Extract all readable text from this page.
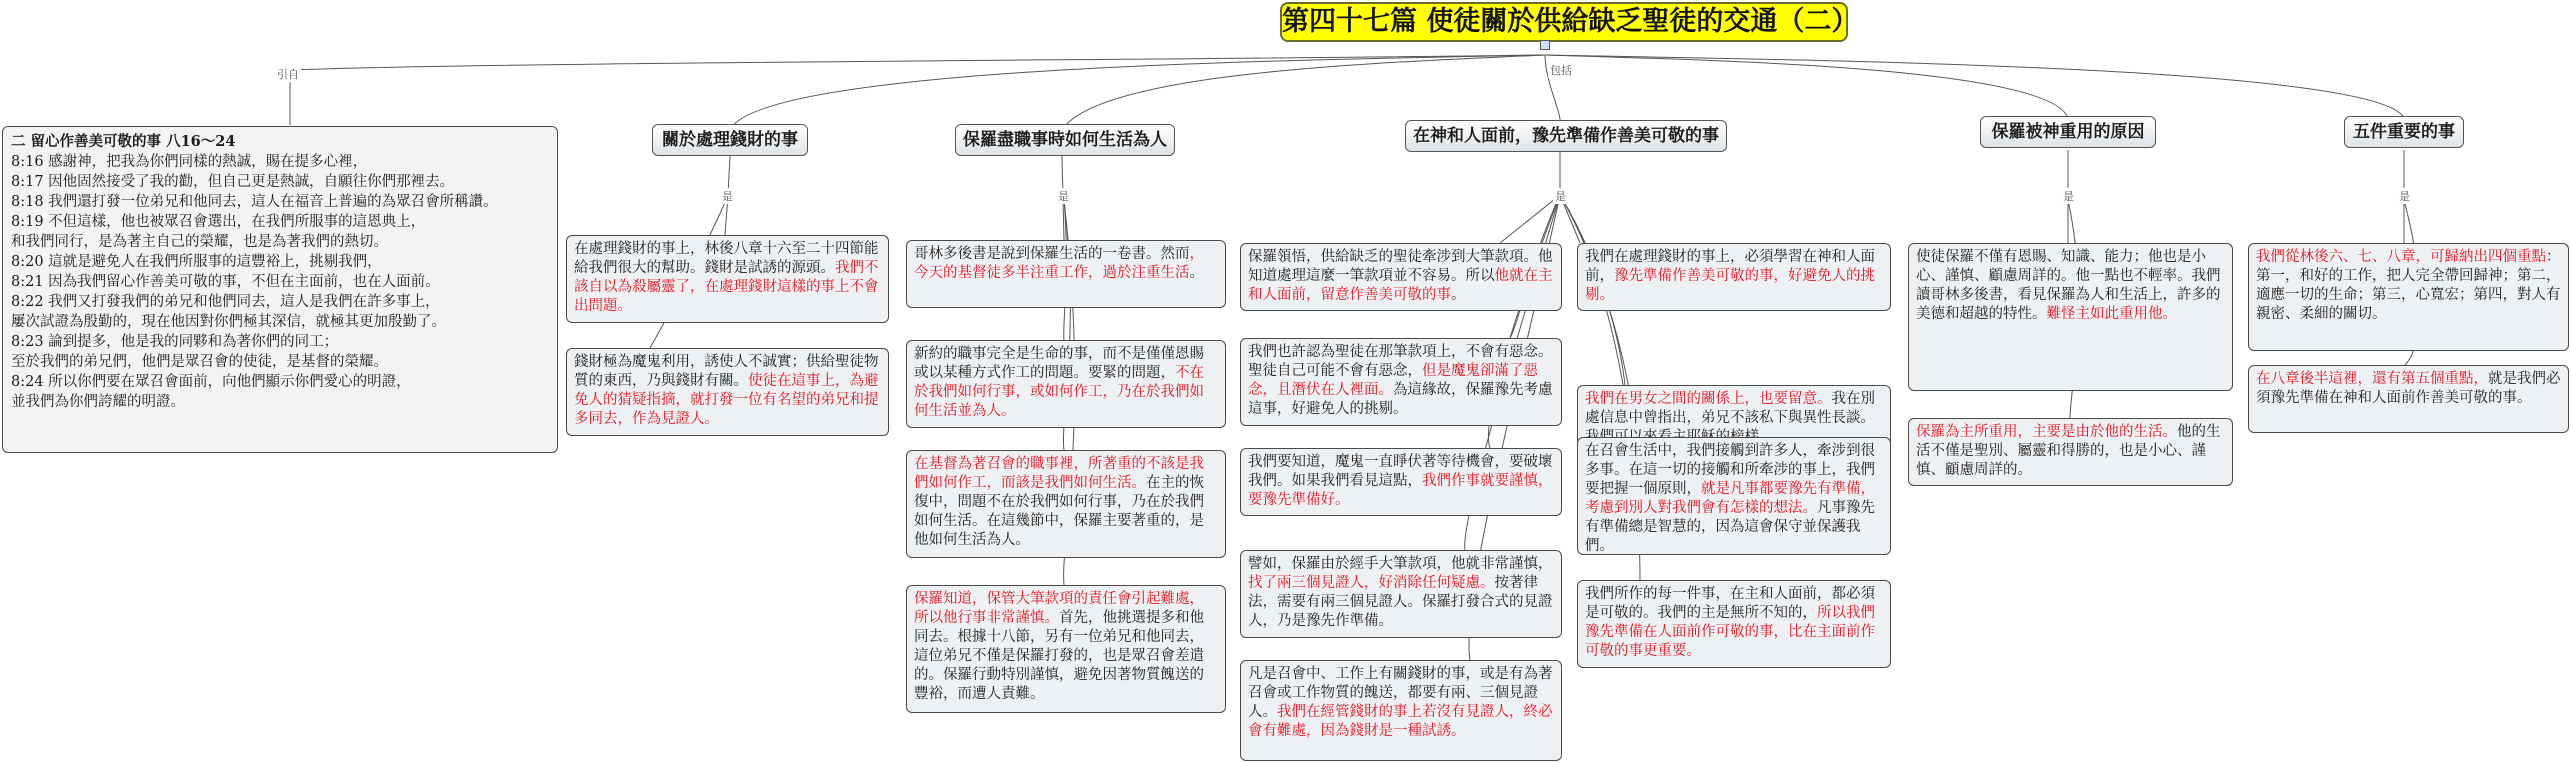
第四十七篇 使徒關於供給缺乏聖徒的交通（二）
引自	包括
二 留心作善美可敬的事 八16～24
8:16 感謝神，把我為你們同樣的熱誠，賜在提多心裡，
8:17 因他固然接受了我的勸，但自己更是熱誠，自願往你們那裡去。
8:18 我們還打發一位弟兄和他同去，這人在福音上普遍的為眾召會所稱讚。
8:19 不但這樣，他也被眾召會選出，在我們所服事的這恩典上，
和我們同行，是為著主自己的榮耀，也是為著我們的熱切。
8:20 這就是避免人在我們所服事的這豐裕上，挑剔我們，
8:21 因為我們留心作善美可敬的事，不但在主面前，也在人面前。
8:22 我們又打發我們的弟兄和他們同去，這人是我們在許多事上，
屢次試證為殷勤的，現在他因對你們極其深信，就極其更加殷勤了。
8:23 論到提多，他是我的同夥和為著你們的同工；
至於我們的弟兄們，他們是眾召會的使徒，是基督的榮耀。
8:24 所以你們要在眾召會面前，向他們顯示你們愛心的明證，
並我們為你們誇耀的明證。
關於處理錢財的事	保羅盡職事時如何生活為人	在神和人面前，豫先準備作善美可敬的事	保羅被神重用的原因	五件重要的事
是	是	是	是	是
在處理錢財的事上，林後八章十六至二十四節能給我們很大的幫助。錢財是試誘的源頭。我們不該自以為殺屬靈了，在處理錢財這樣的事上不會出問題。
錢財極為魔鬼利用，誘使人不誠實；供給聖徒物質的東西，乃與錢財有關。使徒在這事上，為避免人的猜疑指摘，就打發一位有名望的弟兄和提多同去，作為見證人。
哥林多後書是說到保羅生活的一卷書。然而，今天的基督徒多半注重工作，過於注重生活。
新約的職事完全是生命的事，而不是僅僅恩賜或以某種方式作工的問題。要緊的問題，不在於我們如何行事，或如何作工，乃在於我們如何生活並為人。
在基督為著召會的職事裡，所著重的不該是我們如何作工，而該是我們如何生活。在主的恢復中，問題不在於我們如何行事，乃在於我們如何生活。在這幾節中，保羅主要著重的，是他如何生活為人。
保羅知道，保管大筆款項的責任會引起難處，所以他行事非常謹慎。首先，他挑選提多和他同去。根據十八節，另有一位弟兄和他同去，這位弟兄不僅是保羅打發的，也是眾召會差遣的。保羅行動特別謹慎，避免因著物質餽送的豐裕，而遭人責難。
保羅領悟，供給缺乏的聖徒牽涉到大筆款項。他知道處理這麼一筆款項並不容易。所以他就在主和人面前，留意作善美可敬的事。
我們也許認為聖徒在那筆款項上，不會有惡念。聖徒自己可能不會有惡念，但是魔鬼卻滿了惡念，且潛伏在人裡面。為這緣故，保羅豫先考慮這事，好避免人的挑剔。
我們要知道，魔鬼一直睜伏著等待機會，要破壞我們。如果我們看見這點，我們作事就要謹慎，要豫先準備好。
譬如，保羅由於經手大筆款項，他就非常謹慎，找了兩三個見證人，好消除任何疑慮。按著律法，需要有兩三個見證人。保羅打發合式的見證人，乃是豫先作準備。
凡是召會中、工作上有關錢財的事，或是有為著召會或工作物質的餽送，都要有兩、三個見證人。我們在經管錢財的事上若沒有見證人，終必會有難處，因為錢財是一種試誘。
我們在處理錢財的事上，必須學習在神和人面前，豫先準備作善美可敬的事，好避免人的挑剔。
我們在男女之間的關係上，也要留意。我在別處信息中曾指出，弟兄不該私下與異性長談。
在召會生活中，我們接觸到許多人，牽涉到很多事。在這一切的接觸和所牽涉的事上，我們要把握一個原則，就是凡事都要豫先有準備，考慮到別人對我們會有怎樣的想法。凡事豫先有準備總是智慧的，因為這會保守並保護我們。
我們所作的每一件事，在主和人面前，都必須是可敬的。我們的主是無所不知的，所以我們豫先準備在人面前作可敬的事，比在主面前作可敬的事更重要。
使徒保羅不僅有恩賜、知識、能力；他也是小心、謹慎、顧慮周詳的。他一點也不輕率。我們讀哥林多後書，看見保羅為人和生活上，許多的美德和超越的特性。難怪主如此重用他。
保羅為主所重用，主要是由於他的生活。他的生活不僅是聖別、屬靈和得勝的，也是小心、謹慎、顧慮周詳的。
我們從林後六、七、八章，可歸納出四個重點：第一，和好的工作，把人完全帶回歸神；第二，適應一切的生命；第三，心寬宏；第四，對人有親密、柔細的關切。
在八章後半這裡，還有第五個重點，就是我們必須豫先準備在神和人面前作善美可敬的事。
